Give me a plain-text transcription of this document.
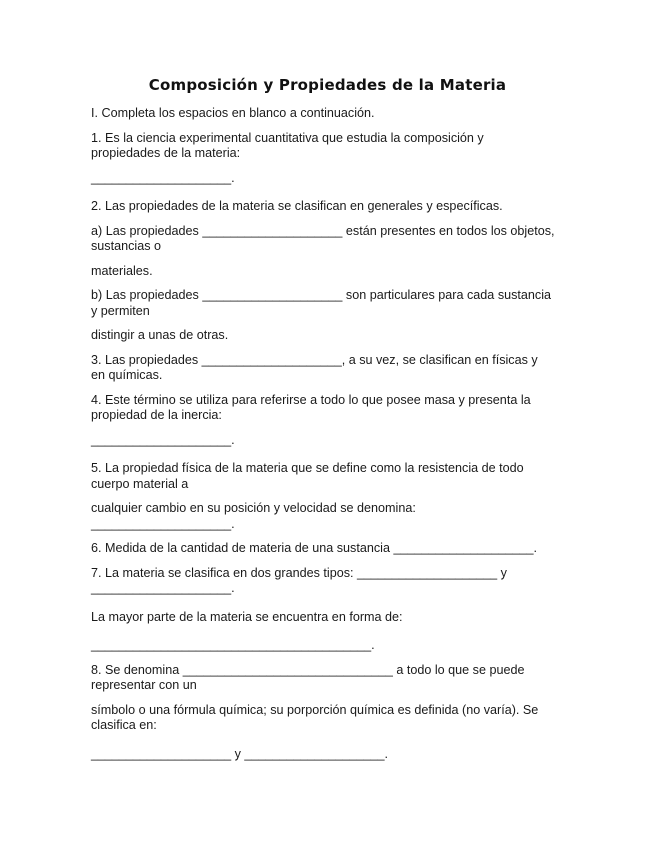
Composición y Propiedades de la Materia

I. Completa los espacios en blanco a continuación.

1. Es la ciencia experimental cuantitativa que estudia la composición y

propiedades de la materia:

____________________.

2. Las propiedades de la materia se clasifican en generales y específicas.

a) Las propiedades ____________________ están presentes en todos los objetos,

sustancias o

materiales.

b) Las propiedades ____________________ son particulares para cada sustancia

y permiten

distingir a unas de otras.

3. Las propiedades ____________________, a su vez, se clasifican en físicas y

en químicas.

4. Este término se utiliza para referirse a todo lo que posee masa y presenta la

propiedad de la inercia:

____________________.

5. La propiedad física de la materia que se define como la resistencia de todo

cuerpo material a

cualquier cambio en su posición y velocidad se denomina:

____________________.

6. Medida de la cantidad de materia de una sustancia ____________________.

7. La materia se clasifica en dos grandes tipos: ____________________ y

____________________.

La mayor parte de la materia se encuentra en forma de:

________________________________________.

8. Se denomina ______________________________ a todo lo que se puede

representar con un

símbolo o una fórmula química; su porporción química es definida (no varía). Se

clasifica en:

____________________ y ____________________.
